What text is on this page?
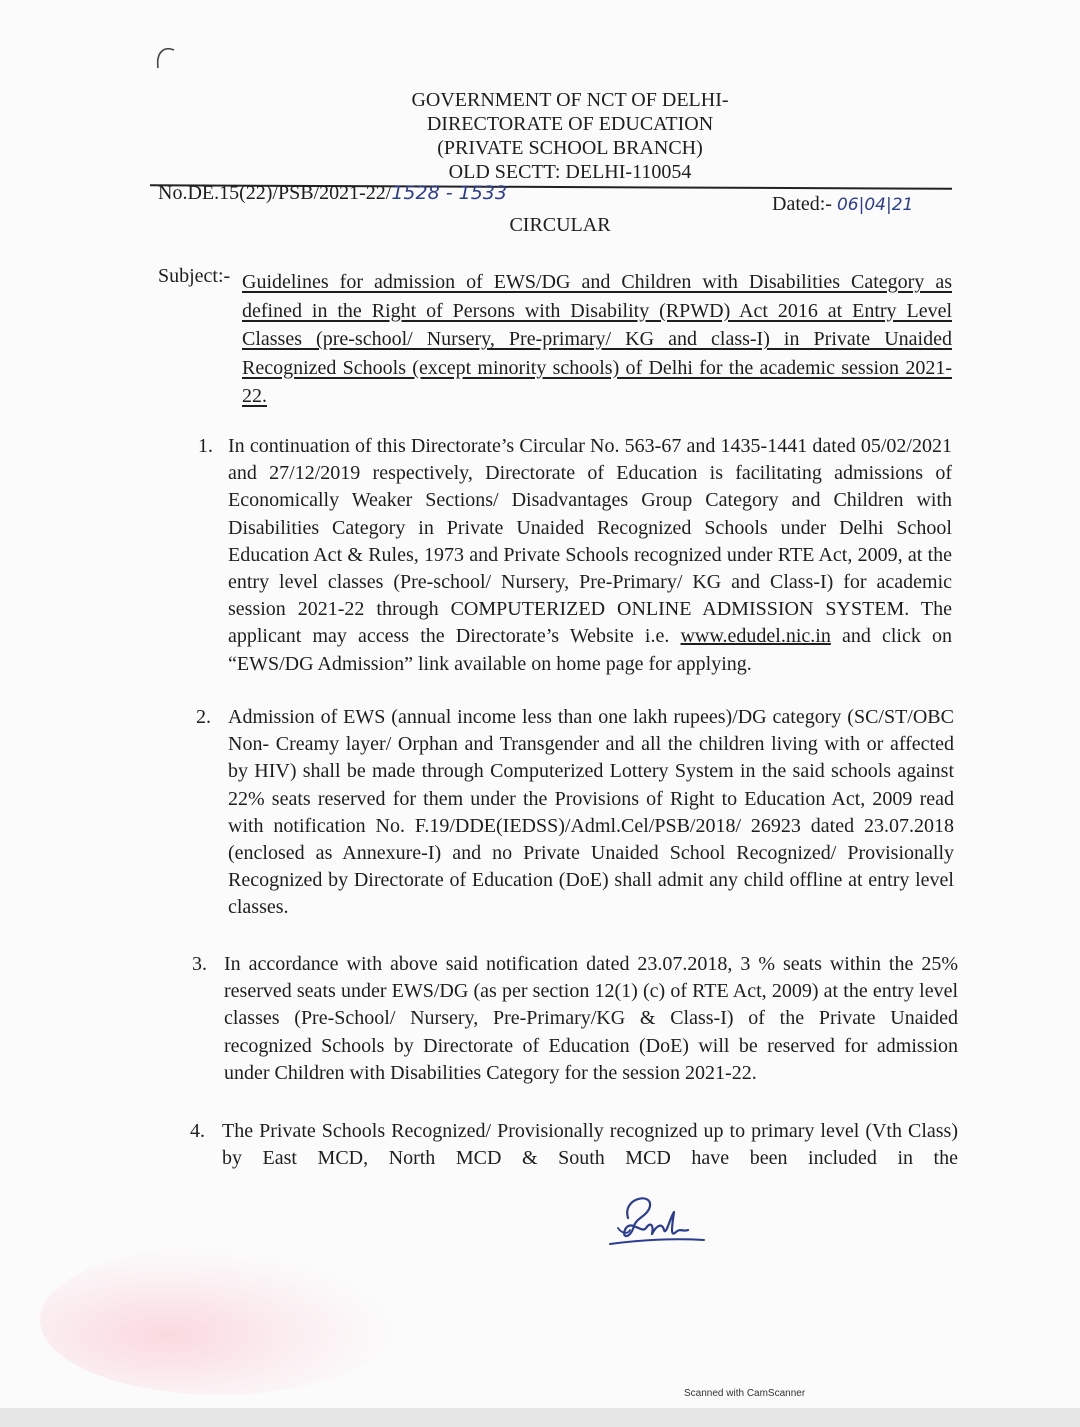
GOVERNMENT OF NCT OF DELHI-
DIRECTORATE OF EDUCATION
(PRIVATE SCHOOL BRANCH)
OLD SECTT: DELHI-110054
No.DE.15(22)/PSB/2021-22/1528 - 1533	Dated:- 06|04|21
CIRCULAR
Subject:- Guidelines for admission of EWS/DG and Children with Disabilities Category as defined in the Right of Persons with Disability (RPWD) Act 2016 at Entry Level Classes (pre-school/ Nursery, Pre-primary/ KG and class-I) in Private Unaided Recognized Schools (except minority schools) of Delhi for the academic session 2021-22.
1. In continuation of this Directorate’s Circular No. 563-67 and 1435-1441 dated 05/02/2021 and 27/12/2019 respectively, Directorate of Education is facilitating admissions of Economically Weaker Sections/ Disadvantages Group Category and Children with Disabilities Category in Private Unaided Recognized Schools under Delhi School Education Act & Rules, 1973 and Private Schools recognized under RTE Act, 2009, at the entry level classes (Pre-school/ Nursery, Pre-Primary/ KG and Class-I) for academic session 2021-22 through COMPUTERIZED ONLINE ADMISSION SYSTEM. The applicant may access the Directorate’s Website i.e. www.edudel.nic.in and click on “EWS/DG Admission” link available on home page for applying.
2. Admission of EWS (annual income less than one lakh rupees)/DG category (SC/ST/OBC Non- Creamy layer/ Orphan and Transgender and all the children living with or affected by HIV) shall be made through Computerized Lottery System in the said schools against 22% seats reserved for them under the Provisions of Right to Education Act, 2009 read with notification No. F.19/DDE(IEDSS)/Adml.Cel/PSB/2018/ 26923 dated 23.07.2018 (enclosed as Annexure-I) and no Private Unaided School Recognized/ Provisionally Recognized by Directorate of Education (DoE) shall admit any child offline at entry level classes.
3. In accordance with above said notification dated 23.07.2018, 3 % seats within the 25% reserved seats under EWS/DG (as per section 12(1) (c) of RTE Act, 2009) at the entry level classes (Pre-School/ Nursery, Pre-Primary/KG & Class-I) of the Private Unaided recognized Schools by Directorate of Education (DoE) will be reserved for admission under Children with Disabilities Category for the session 2021-22.
4. The Private Schools Recognized/ Provisionally recognized up to primary level (Vth Class) by East MCD, North MCD & South MCD have been included in the
Scanned with CamScanner
